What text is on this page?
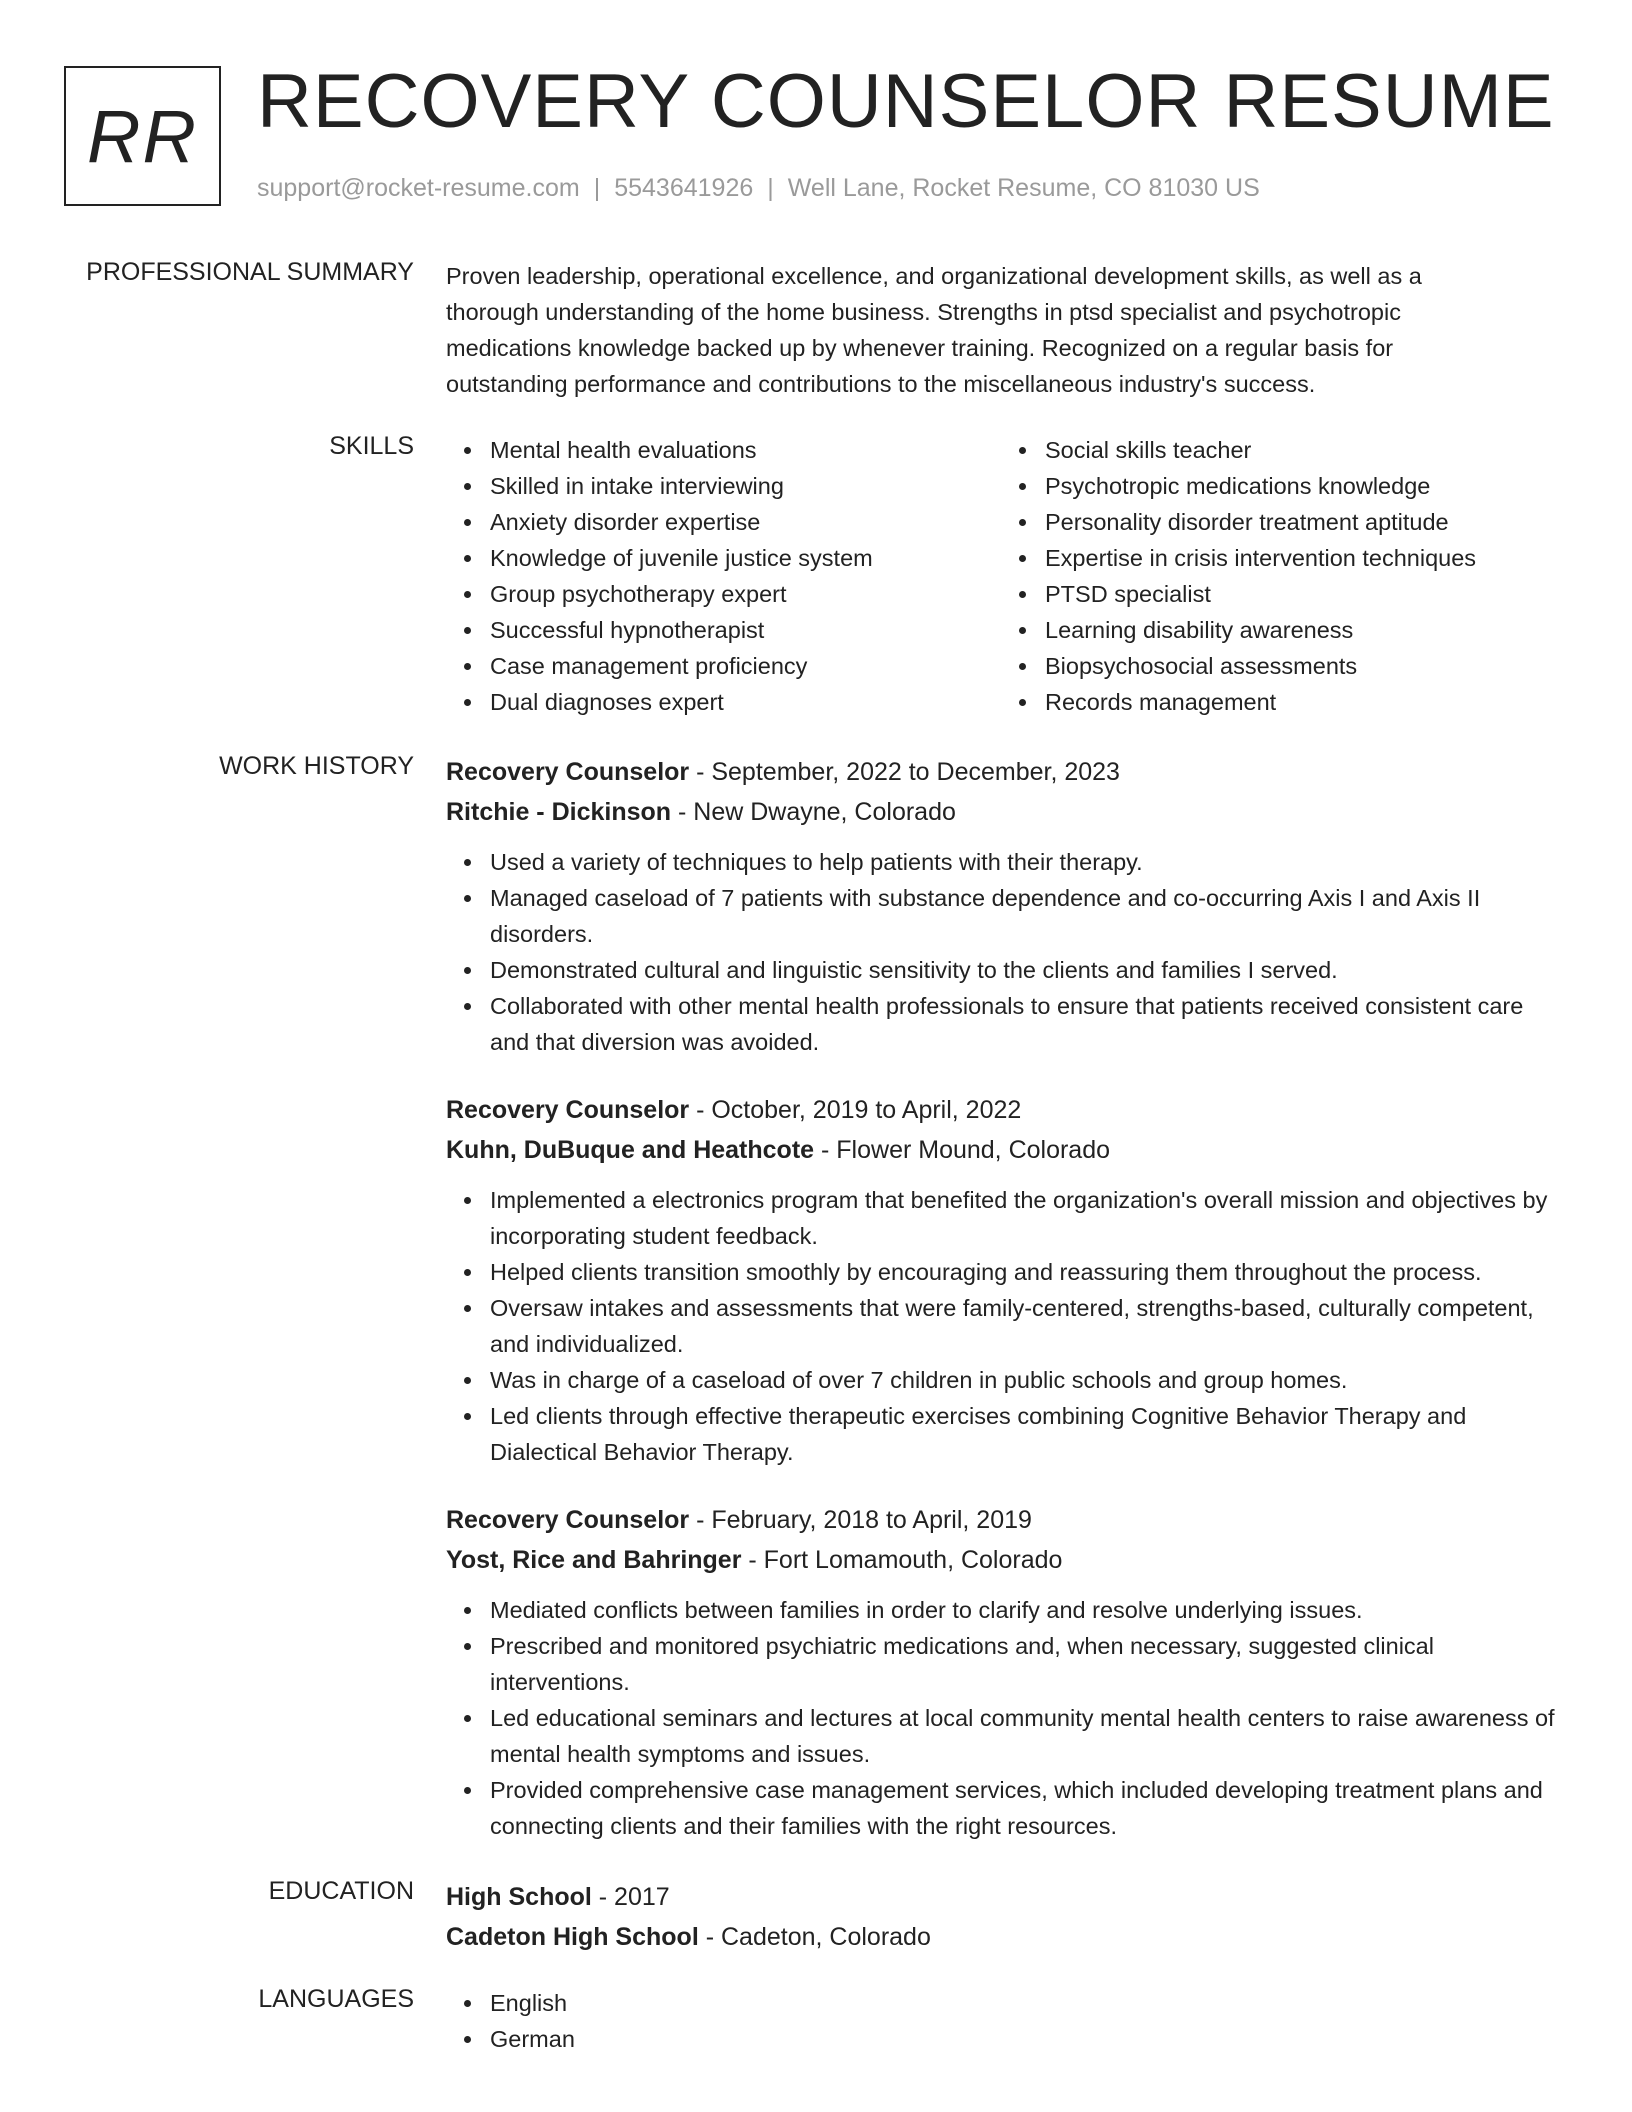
RR RECOVERY COUNSELOR RESUME
support@rocket-resume.com | 5543641926 | Well Lane, Rocket Resume, CO 81030 US
PROFESSIONAL SUMMARY Proven leadership, operational excellence, and organizational development skills, as well as a

thorough understanding of the home business. Strengths in ptsd specialist and psychotropic

medications knowledge backed up by whenever training. Recognized on a regular basis for

outstanding performance and contributions to the miscellaneous industry's success.

SKILLS	Mental health evaluations
Skilled in intake interviewing
Anxiety disorder expertise
Knowledge of juvenile justice system
Group psychotherapy expert
Successful hypnotherapist
Case management proficiency
Dual diagnoses expert
Social skills teacher
Psychotropic medications knowledge
Personality disorder treatment aptitude
Expertise in crisis intervention techniques
PTSD specialist
Learning disability awareness
Biopsychosocial assessments
Records management
WORK HISTORY Recovery Counselor - September, 2022 to December, 2023
Ritchie - Dickinson - New Dwayne, Colorado
Used a variety of techniques to help patients with their therapy.
Managed caseload of 7 patients with substance dependence and co-occurring Axis I and Axis II disorders.
Demonstrated cultural and linguistic sensitivity to the clients and families I served.
Collaborated with other mental health professionals to ensure that patients received consistent care and that diversion was avoided.
Recovery Counselor - October, 2019 to April, 2022
Kuhn, DuBuque and Heathcote - Flower Mound, Colorado
Implemented a electronics program that benefited the organization's overall mission and objectives by incorporating student feedback.
Helped clients transition smoothly by encouraging and reassuring them throughout the process.
Oversaw intakes and assessments that were family-centered, strengths-based, culturally competent, and individualized.
Was in charge of a caseload of over 7 children in public schools and group homes.
Led clients through effective therapeutic exercises combining Cognitive Behavior Therapy and Dialectical Behavior Therapy.
Recovery Counselor - February, 2018 to April, 2019
Yost, Rice and Bahringer - Fort Lomamouth, Colorado
Mediated conflicts between families in order to clarify and resolve underlying issues.
Prescribed and monitored psychiatric medications and, when necessary, suggested clinical interventions.
Led educational seminars and lectures at local community mental health centers to raise awareness of mental health symptoms and issues.
Provided comprehensive case management services, which included developing treatment plans and connecting clients and their families with the right resources.
EDUCATION High School - 2017
Cadeton High School - Cadeton, Colorado
LANGUAGES	English
German
